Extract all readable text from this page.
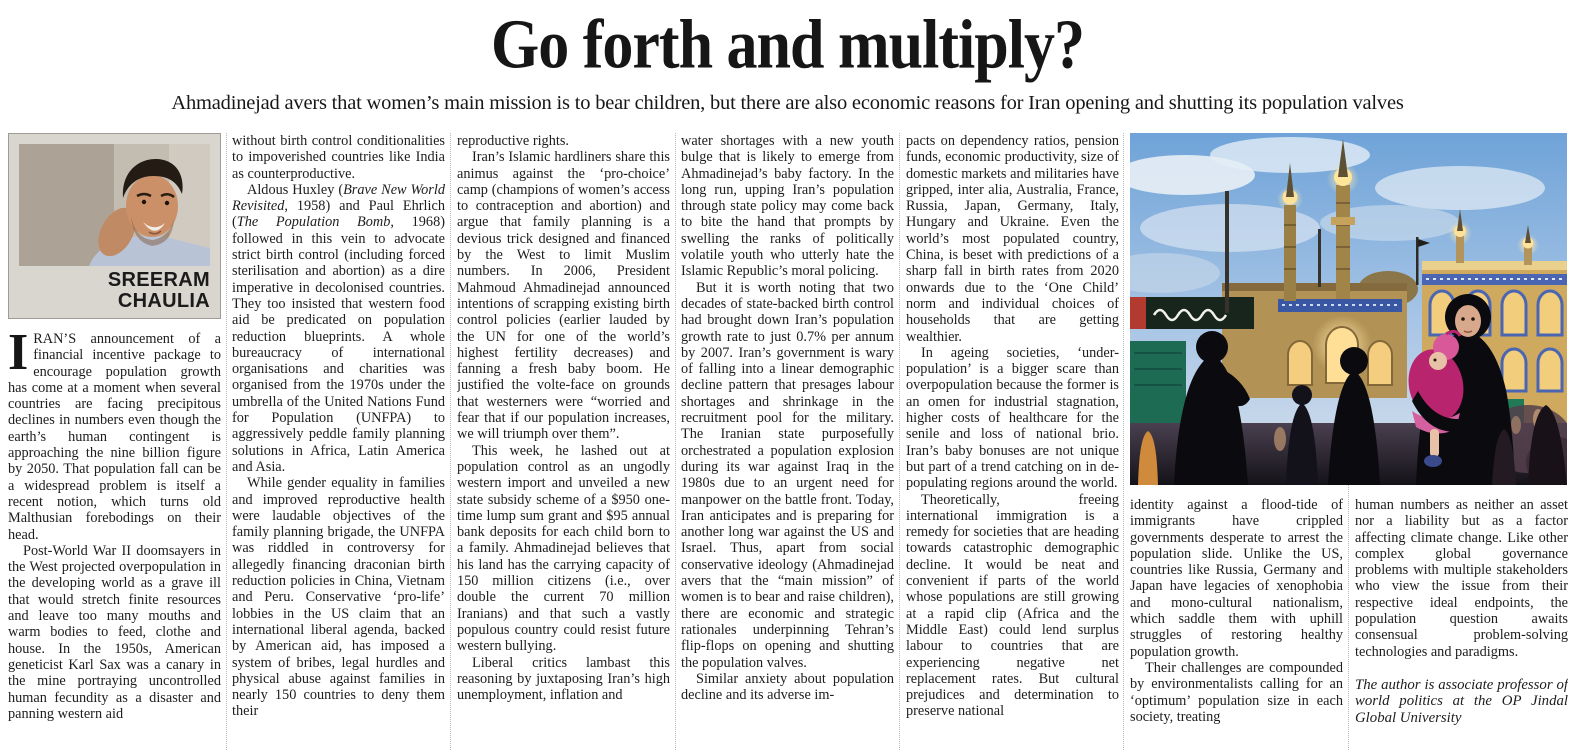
Go forth and multiply?

Ahmadinejad avers that women’s main mission is to bear children, but there are also economic reasons for Iran opening and shutting its population valves

SREERAM
CHAULIA

IRAN’S announcement of a financial incentive package to encourage population growth has come at a moment when several countries are facing precipitous declines in numbers even though the earth’s human contingent is approaching the nine billion figure by 2050. That population fall can be a widespread problem is itself a recent notion, which turns old Malthusian forebodings on their head.

Post-World War II doomsayers in the West projected overpopulation in the developing world as a grave ill that would stretch finite resources and leave too many mouths and warm bodies to feed, clothe and house. In the 1950s, American geneticist Karl Sax was a canary in the mine portraying uncontrolled human fecundity as a disaster and panning western aid

without birth control conditionalities to impoverished countries like India as counterproductive.

Aldous Huxley (Brave New World Revisited, 1958) and Paul Ehrlich (The Population Bomb, 1968) followed in this vein to advocate strict birth control (including forced sterilisation and abortion) as a dire imperative in decolonised countries. They too insisted that western food aid be predicated on population reduction blueprints. A whole bureaucracy of international organisations and charities was organised from the 1970s under the umbrella of the United Nations Fund for Population (UNFPA) to aggressively peddle family planning solutions in Africa, Latin America and Asia.

While gender equality in families and improved reproductive health were laudable objectives of the family planning brigade, the UNFPA was riddled in controversy for allegedly financing draconian birth reduction policies in China, Vietnam and Peru. Conservative ‘pro-life’ lobbies in the US claim that an international liberal agenda, backed by American aid, has imposed a system of bribes, legal hurdles and physical abuse against families in nearly 150 countries to deny them their

reproductive rights.

Iran’s Islamic hardliners share this animus against the ‘pro-choice’ camp (champions of women’s access to contraception and abortion) and argue that family planning is a devious trick designed and financed by the West to limit Muslim numbers. In 2006, President Mahmoud Ahmadinejad announced intentions of scrapping existing birth control policies (earlier lauded by the UN for one of the world’s highest fertility decreases) and fanning a fresh baby boom. He justified the volte-face on grounds that westerners were “worried and fear that if our population increases, we will triumph over them”.

This week, he lashed out at population control as an ungodly western import and unveiled a new state subsidy scheme of a $950 one-time lump sum grant and $95 annual bank deposits for each child born to a family. Ahmadinejad believes that his land has the carrying capacity of 150 million citizens (i.e., over double the current 70 million Iranians) and that such a vastly populous country could resist future western bullying.

Liberal critics lambast this reasoning by juxtaposing Iran’s high unemployment, inflation and

water shortages with a new youth bulge that is likely to emerge from Ahmadinejad’s baby factory. In the long run, upping Iran’s population through state policy may come back to bite the hand that prompts by swelling the ranks of politically volatile youth who utterly hate the Islamic Republic’s moral policing.

But it is worth noting that two decades of state-backed birth control had brought down Iran’s population growth rate to just 0.7% per annum by 2007. Iran’s government is wary of falling into a linear demographic decline pattern that presages labour shortages and shrinkage in the recruitment pool for the military. The Iranian state purposefully orchestrated a population explosion during its war against Iraq in the 1980s due to an urgent need for manpower on the battle front. Today, Iran anticipates and is preparing for another long war against the US and Israel. Thus, apart from social conservative ideology (Ahmadinejad avers that the “main mission” of women is to bear and raise children), there are economic and strategic rationales underpinning Tehran’s flip-flops on opening and shutting the population valves.

Similar anxiety about population decline and its adverse im-

pacts on dependency ratios, pension funds, economic productivity, size of domestic markets and militaries have gripped, inter alia, Australia, France, Russia, Japan, Germany, Italy, Hungary and Ukraine. Even the world’s most populated country, China, is beset with predictions of a sharp fall in birth rates from 2020 onwards due to the ‘One Child’ norm and individual choices of households that are getting wealthier.

In ageing societies, ‘under-population’ is a bigger scare than overpopulation because the former is an omen for industrial stagnation, higher costs of healthcare for the senile and loss of national brio. Iran’s baby bonuses are not unique but part of a trend catching on in de-populating regions around the world.

Theoretically, freeing international immigration is a remedy for societies that are heading towards catastrophic demographic decline. It would be neat and convenient if parts of the world whose populations are still growing at a rapid clip (Africa and the Middle East) could lend surplus labour to countries that are experiencing negative net replacement rates. But cultural prejudices and determination to preserve national

identity against a flood-tide of immigrants have crippled governments desperate to arrest the population slide. Unlike the US, countries like Russia, Germany and Japan have legacies of xenophobia and mono-cultural nationalism, which saddle them with uphill struggles of restoring healthy population growth.

Their challenges are compounded by environmentalists calling for an ‘optimum’ population size in each society, treating

human numbers as neither an asset nor a liability but as a factor affecting climate change. Like other complex global governance problems with multiple stakeholders who view the issue from their respective ideal endpoints, the population question awaits consensual problem-solving technologies and paradigms.

The author is associate professor of world politics at the OP Jindal Global University
